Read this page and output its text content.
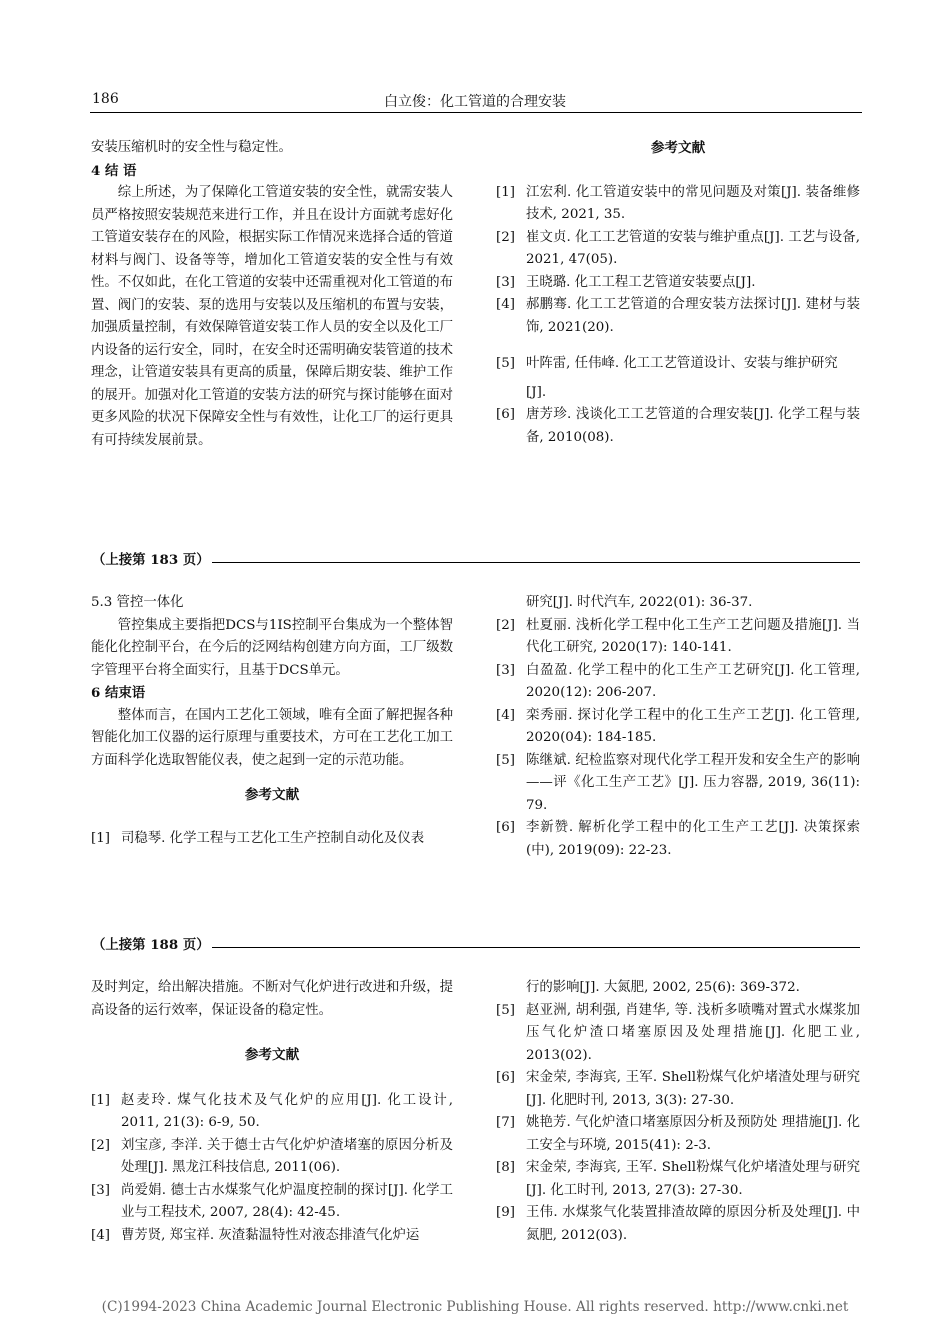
186	白立俊：化工管道的合理安装

安装压缩机时的安全性与稳定性。

4 结 语

综上所述，为了保障化工管道安装的安全性，就需安装人员严格按照安装规范来进行工作，并且在设计方面就考虑好化工管道安装存在的风险，根据实际工作情况来选择合适的管道材料与阀门、设备等等，增加化工管道安装的安全性与有效性。不仅如此，在化工管道的安装中还需重视对化工管道的布置、阀门的安装、泵的选用与安装以及压缩机的布置与安装，加强质量控制，有效保障管道安装工作人员的安全以及化工厂内设备的运行安全，同时，在安全时还需明确安装管道的技术理念，让管道安装具有更高的质量，保障后期安装、维护工作的展开。加强对化工管道的安装方法的研究与探讨能够在面对更多风险的状况下保障安全性与有效性，让化工厂的运行更具有可持续发展前景。

参考文献

[1] 江宏利. 化工管道安装中的常见问题及对策[J]. 装备维修技术, 2021, 35.

[2] 崔文贞. 化工工艺管道的安装与维护重点[J]. 工艺与设备, 2021, 47(05).

[3] 王晓璐. 化工工程工艺管道安装要点[J].

[4] 郝鹏骞. 化工工艺管道的合理安装方法探讨[J]. 建材与装饰, 2021(20).

[5] 叶阵雷, 任伟峰. 化工工艺管道设计、安装与维护研究

[J].

[6] 唐芳珍. 浅谈化工工艺管道的合理安装[J]. 化学工程与装备, 2010(08).

（上接第 183 页）

5.3 管控一体化

管控集成主要指把DCS与1IS控制平台集成为一个整体智能化化控制平台，在今后的泛网结构创建方向方面，工厂级数字管理平台将全面实行，且基于DCS单元。

6 结束语

整体而言，在国内工艺化工领域，唯有全面了解把握各种智能化加工仪器的运行原理与重要技术，方可在工艺化工加工方面科学化选取智能仪表，使之起到一定的示范功能。

参考文献

[1] 司稳琴. 化学工程与工艺化工生产控制自动化及仪表

研究[J]. 时代汽车, 2022(01): 36-37.

[2] 杜夏丽. 浅析化学工程中化工生产工艺问题及措施[J]. 当代化工研究, 2020(17): 140-141.

[3] 白盈盈. 化学工程中的化工生产工艺研究[J]. 化工管理, 2020(12): 206-207.

[4] 栾秀丽. 探讨化学工程中的化工生产工艺[J]. 化工管理, 2020(04): 184-185.

[5] 陈继斌. 纪检监察对现代化学工程开发和安全生产的影响——评《化工生产工艺》[J]. 压力容器, 2019, 36(11): 79.

[6] 李新赞. 解析化学工程中的化工生产工艺[J]. 决策探索(中), 2019(09): 22-23.

（上接第 188 页）

及时判定，给出解决措施。不断对气化炉进行改进和升级，提高设备的运行效率，保证设备的稳定性。

参考文献

[1] 赵麦玲. 煤气化技术及气化炉的应用[J]. 化工设计, 2011, 21(3): 6-9, 50.

[2] 刘宝彦, 李洋. 关于德士古气化炉炉渣堵塞的原因分析及处理[J]. 黑龙江科技信息, 2011(06).

[3] 尚爱娟. 德士古水煤浆气化炉温度控制的探讨[J]. 化学工业与工程技术, 2007, 28(4): 42-45.

[4] 曹芳贤, 郑宝祥. 灰渣黏温特性对液态排渣气化炉运

行的影响[J]. 大氮肥, 2002, 25(6): 369-372.

[5] 赵亚洲, 胡利强, 肖建华, 等. 浅析多喷嘴对置式水煤浆加压气化炉渣口堵塞原因及处理措施[J]. 化肥工业, 2013(02).

[6] 宋金荣, 李海宾, 王军. Shell粉煤气化炉堵渣处理与研究[J]. 化肥时刊, 2013, 3(3): 27-30.

[7] 姚艳芳. 气化炉渣口堵塞原因分析及预防处 理措施[J]. 化工安全与环境, 2015(41): 2-3.

[8] 宋金荣, 李海宾, 王军. Shell粉煤气化炉堵渣处理与研究[J]. 化工时刊, 2013, 27(3): 27-30.

[9] 王伟. 水煤浆气化装置排渣故障的原因分析及处理[J]. 中氮肥, 2012(03).

(C)1994-2023 China Academic Journal Electronic Publishing House. All rights reserved. http://www.cnki.net
